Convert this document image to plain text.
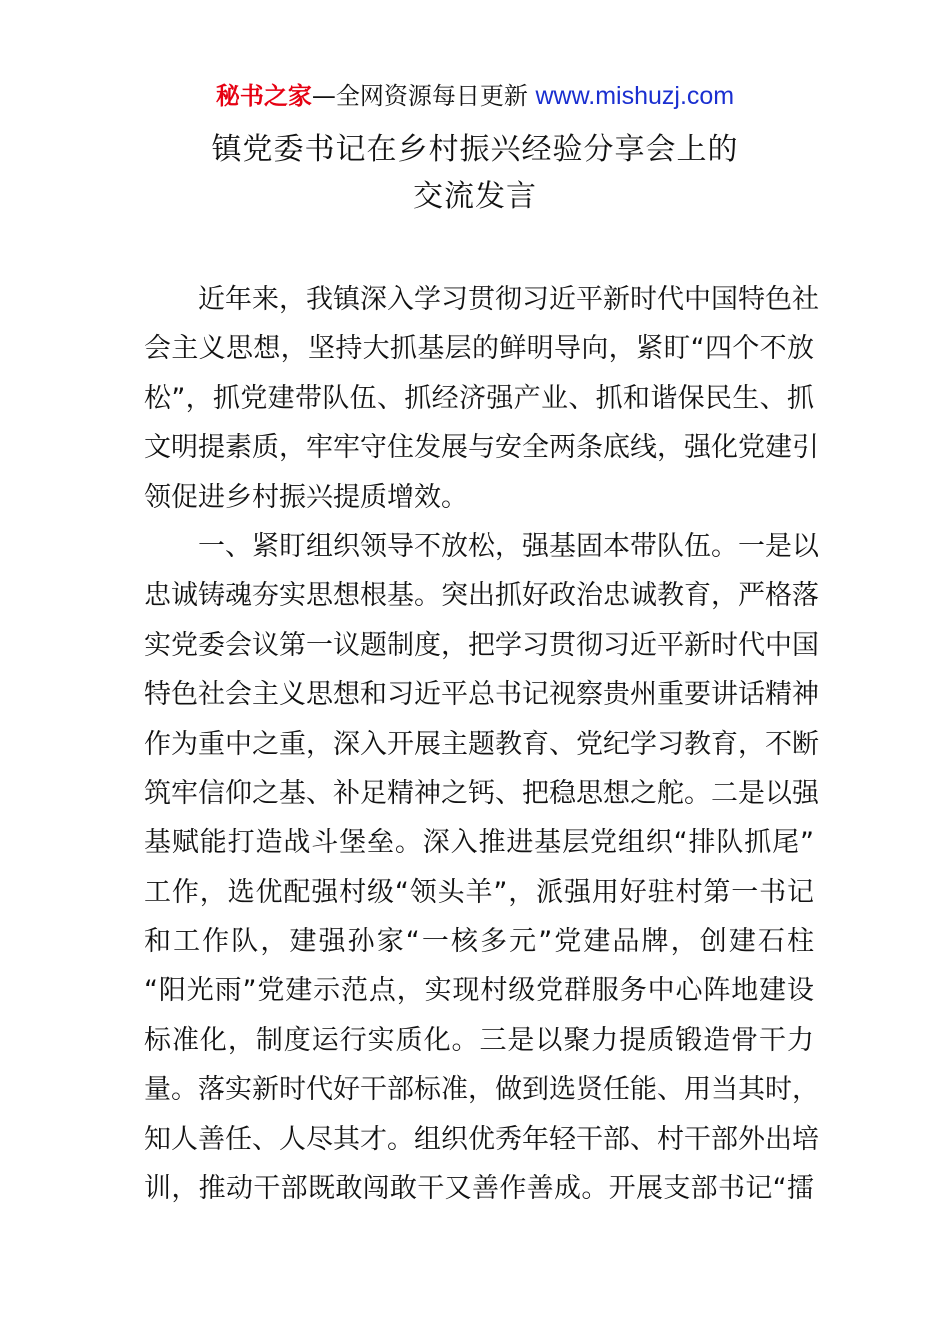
秘书之家—全网资源每日更新 www.mishuzj.com
镇党委书记在乡村振兴经验分享会上的
交流发言
近年来，我镇深入学习贯彻习近平新时代中国特色社
会主义思想，坚持大抓基层的鲜明导向，紧盯“四个不放
松”，抓党建带队伍、抓经济强产业、抓和谐保民生、抓
文明提素质，牢牢守住发展与安全两条底线，强化党建引
领促进乡村振兴提质增效。
一、紧盯组织领导不放松，强基固本带队伍。一是以
忠诚铸魂夯实思想根基。突出抓好政治忠诚教育，严格落
实党委会议第一议题制度，把学习贯彻习近平新时代中国
特色社会主义思想和习近平总书记视察贵州重要讲话精神
作为重中之重，深入开展主题教育、党纪学习教育，不断
筑牢信仰之基、补足精神之钙、把稳思想之舵。二是以强
基赋能打造战斗堡垒。深入推进基层党组织“排队抓尾”
工作，选优配强村级“领头羊”，派强用好驻村第一书记
和工作队，建强孙家“一核多元”党建品牌，创建石柱
“阳光雨”党建示范点，实现村级党群服务中心阵地建设
标准化，制度运行实质化。三是以聚力提质锻造骨干力
量。落实新时代好干部标准，做到选贤任能、用当其时，
知人善任、人尽其才。组织优秀年轻干部、村干部外出培
训，推动干部既敢闯敢干又善作善成。开展支部书记“擂
